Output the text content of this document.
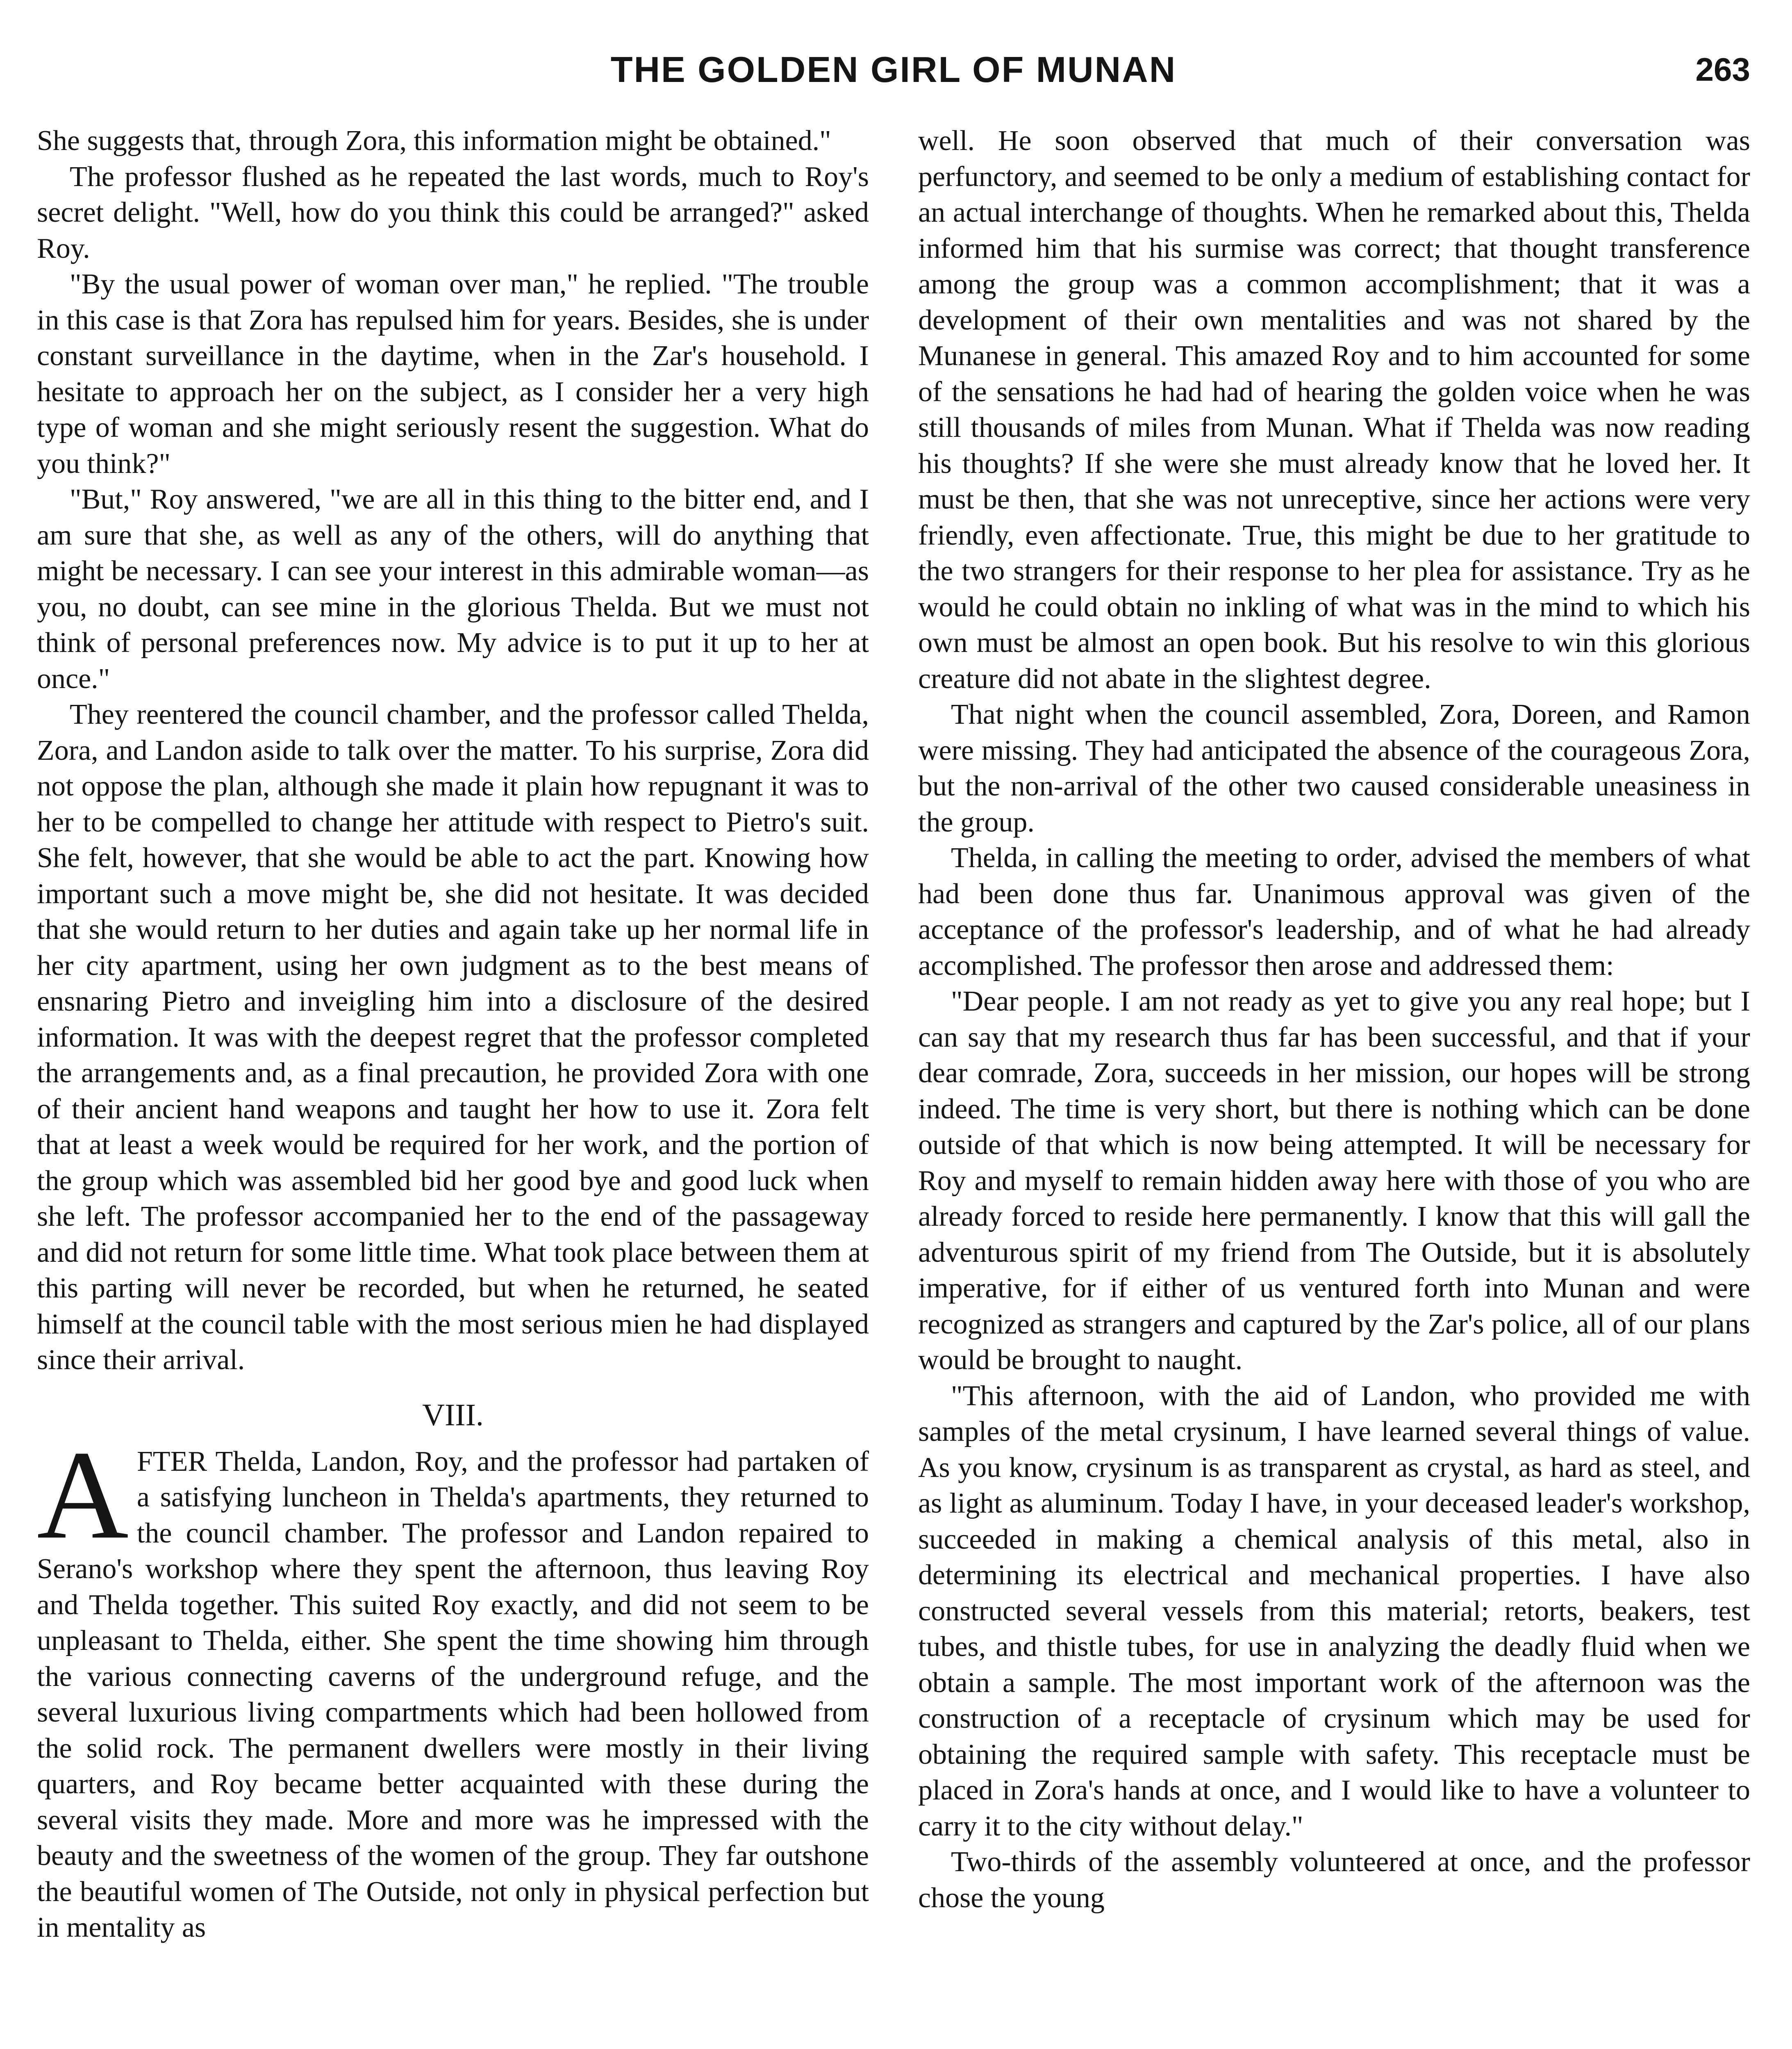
THE GOLDEN GIRL OF MUNAN	263

She suggests that, through Zora, this information might be obtained."

The professor flushed as he repeated the last words, much to Roy's secret delight. "Well, how do you think this could be arranged?" asked Roy.

"By the usual power of woman over man," he replied. "The trouble in this case is that Zora has repulsed him for years. Besides, she is under constant surveillance in the daytime, when in the Zar's household. I hesitate to approach her on the subject, as I consider her a very high type of woman and she might seriously resent the suggestion. What do you think?"

"But," Roy answered, "we are all in this thing to the bitter end, and I am sure that she, as well as any of the others, will do anything that might be necessary. I can see your interest in this admirable woman—as you, no doubt, can see mine in the glorious Thelda. But we must not think of personal preferences now. My advice is to put it up to her at once."

They reentered the council chamber, and the professor called Thelda, Zora, and Landon aside to talk over the matter. To his surprise, Zora did not oppose the plan, although she made it plain how repugnant it was to her to be compelled to change her attitude with respect to Pietro's suit. She felt, however, that she would be able to act the part. Knowing how important such a move might be, she did not hesitate. It was decided that she would return to her duties and again take up her normal life in her city apartment, using her own judgment as to the best means of ensnaring Pietro and inveigling him into a disclosure of the desired information. It was with the deepest regret that the professor completed the arrangements and, as a final precaution, he provided Zora with one of their ancient hand weapons and taught her how to use it. Zora felt that at least a week would be required for her work, and the portion of the group which was assembled bid her good bye and good luck when she left. The professor accompanied her to the end of the passageway and did not return for some little time. What took place between them at this parting will never be recorded, but when he returned, he seated himself at the council table with the most serious mien he had displayed since their arrival.

VIII.

AFTER Thelda, Landon, Roy, and the professor had partaken of a satisfying luncheon in Thelda's apartments, they returned to the council chamber. The professor and Landon repaired to Serano's workshop where they spent the afternoon, thus leaving Roy and Thelda together. This suited Roy exactly, and did not seem to be unpleasant to Thelda, either. She spent the time showing him through the various connecting caverns of the underground refuge, and the several luxurious living compartments which had been hollowed from the solid rock. The permanent dwellers were mostly in their living quarters, and Roy became better acquainted with these during the several visits they made. More and more was he impressed with the beauty and the sweetness of the women of the group. They far outshone the beautiful women of The Outside, not only in physical perfection but in mentality as

well. He soon observed that much of their conversation was perfunctory, and seemed to be only a medium of establishing contact for an actual interchange of thoughts. When he remarked about this, Thelda informed him that his surmise was correct; that thought transference among the group was a common accomplishment; that it was a development of their own mentalities and was not shared by the Munanese in general. This amazed Roy and to him accounted for some of the sensations he had had of hearing the golden voice when he was still thousands of miles from Munan. What if Thelda was now reading his thoughts? If she were she must already know that he loved her. It must be then, that she was not unreceptive, since her actions were very friendly, even affectionate. True, this might be due to her gratitude to the two strangers for their response to her plea for assistance. Try as he would he could obtain no inkling of what was in the mind to which his own must be almost an open book. But his resolve to win this glorious creature did not abate in the slightest degree.

That night when the council assembled, Zora, Doreen, and Ramon were missing. They had anticipated the absence of the courageous Zora, but the non-arrival of the other two caused considerable uneasiness in the group.

Thelda, in calling the meeting to order, advised the members of what had been done thus far. Unanimous approval was given of the acceptance of the professor's leadership, and of what he had already accomplished. The professor then arose and addressed them:

"Dear people. I am not ready as yet to give you any real hope; but I can say that my research thus far has been successful, and that if your dear comrade, Zora, succeeds in her mission, our hopes will be strong indeed. The time is very short, but there is nothing which can be done outside of that which is now being attempted. It will be necessary for Roy and myself to remain hidden away here with those of you who are already forced to reside here permanently. I know that this will gall the adventurous spirit of my friend from The Outside, but it is absolutely imperative, for if either of us ventured forth into Munan and were recognized as strangers and captured by the Zar's police, all of our plans would be brought to naught.

"This afternoon, with the aid of Landon, who provided me with samples of the metal crysinum, I have learned several things of value. As you know, crysinum is as transparent as crystal, as hard as steel, and as light as aluminum. Today I have, in your deceased leader's workshop, succeeded in making a chemical analysis of this metal, also in determining its electrical and mechanical properties. I have also constructed several vessels from this material; retorts, beakers, test tubes, and thistle tubes, for use in analyzing the deadly fluid when we obtain a sample. The most important work of the afternoon was the construction of a receptacle of crysinum which may be used for obtaining the required sample with safety. This receptacle must be placed in Zora's hands at once, and I would like to have a volunteer to carry it to the city without delay."

Two-thirds of the assembly volunteered at once, and the professor chose the young
